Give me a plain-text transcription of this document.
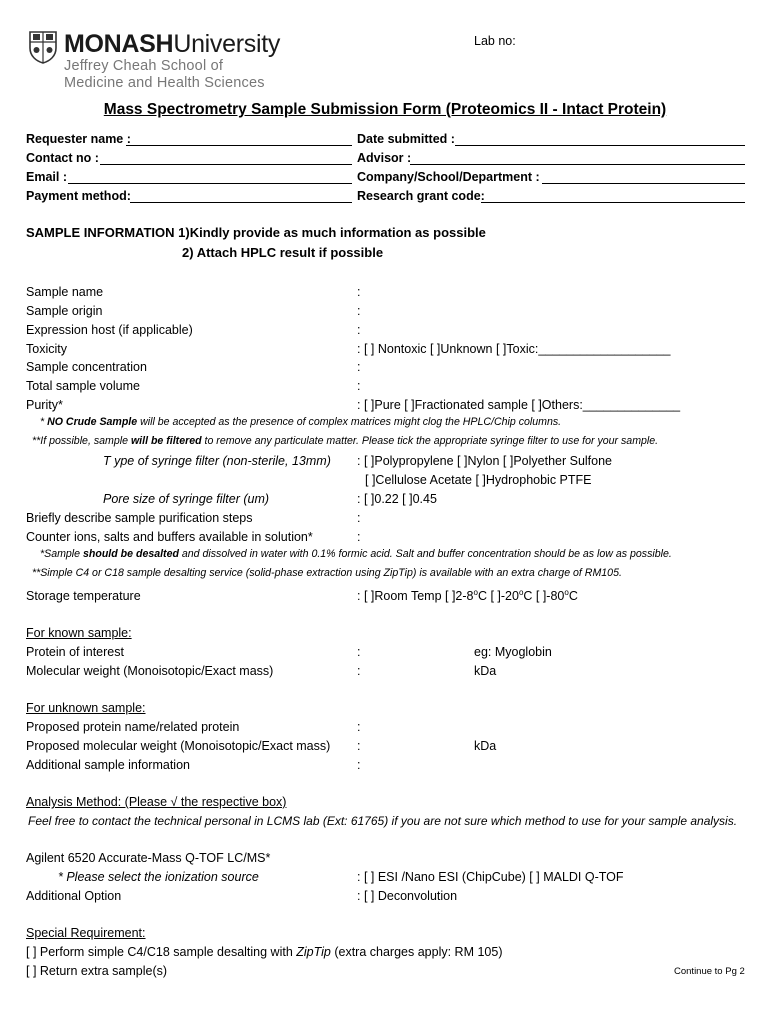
Lab no:
MONASHUniversity
Jeffrey Cheah School of
Medicine and Health Sciences
Mass Spectrometry Sample Submission Form (Proteomics II - Intact Protein)
Requester name :
Contact no :
Email :
Payment method:
Date submitted :
Advisor :
Company/School/Department :
Research grant code:
SAMPLE INFORMATION 1)Kindly provide as much information as possible
2) Attach HPLC result if possible
Sample name	:
Sample origin	:
Expression host (if applicable)	:
Toxicity	: [ ] Nontoxic [ ]Unknown [ ]Toxic:___________________
Sample concentration	:
Total sample volume	:
Purity*	: [ ]Pure [ ]Fractionated sample [ ]Others:______________
* NO Crude Sample will be accepted as the presence of complex matrices might clog the HPLC/Chip columns.
**If possible, sample will be filtered to remove any particulate matter. Please tick the appropriate syringe filter to use for your sample.
T ype of syringe filter (non-sterile, 13mm) : [ ]Polypropylene [ ]Nylon [ ]Polyether Sulfone
[ ]Cellulose Acetate [ ]Hydrophobic PTFE
Pore size of syringe filter (um)	: [ ]0.22 [ ]0.45
Briefly describe sample purification steps	:
Counter ions, salts and buffers available in solution*	:
*Sample should be desalted and dissolved in water with 0.1% formic acid. Salt and buffer concentration should be as low as possible.
**Simple C4 or C18 sample desalting service (solid-phase extraction using ZipTip) is available with an extra charge of RM105.
Storage temperature	: [ ]Room Temp [ ]2-8$^o$C [ ]-20$^o$C [ ]-80$^o$C
For known sample:
Protein of interest	:	eg: Myoglobin
Molecular weight (Monoisotopic/Exact mass)	:	kDa
For unknown sample:
Proposed protein name/related protein	:
Proposed molecular weight (Monoisotopic/Exact mass) :	kDa
Additional sample information	:
Analysis Method: (Please √ the respective box)
Feel free to contact the technical personal in LCMS lab (Ext: 61765) if you are not sure which method to use for your sample analysis.
Agilent 6520 Accurate-Mass Q-TOF LC/MS*
* Please select the ionization source	: [ ] ESI /Nano ESI (ChipCube) [ ] MALDI Q-TOF
Additional Option	: [ ] Deconvolution
Special Requirement:
[ ] Perform simple C4/C18 sample desalting with ZipTip (extra charges apply: RM 105)
[ ] Return extra sample(s)	Continue to Pg 2
